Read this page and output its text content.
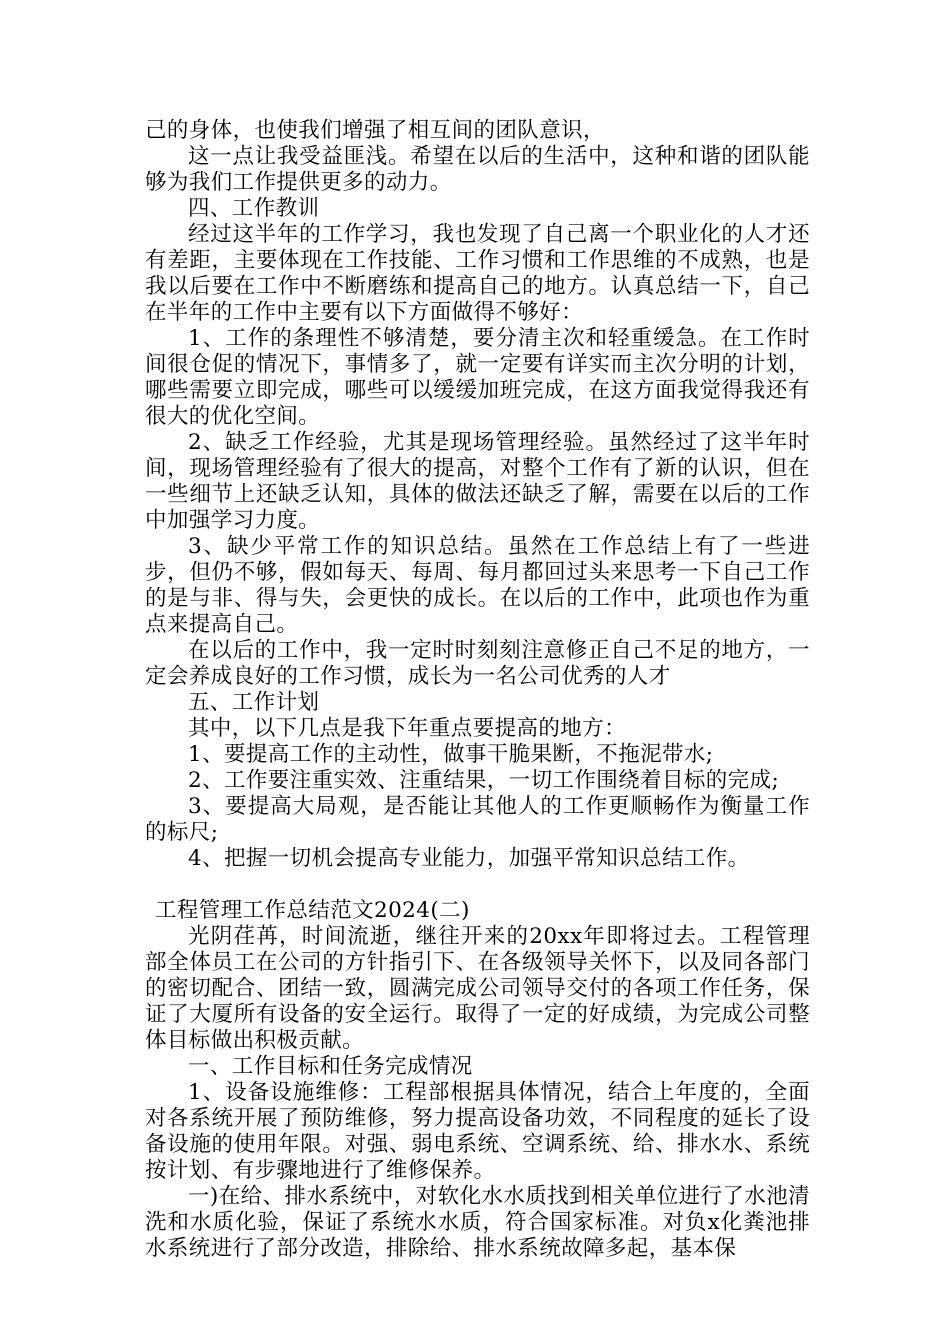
己的身体，也使我们增强了相互间的团队意识，

这一点让我受益匪浅。希望在以后的生活中，这种和谐的团队能够为我们工作提供更多的动力。

四、工作教训

经过这半年的工作学习，我也发现了自己离一个职业化的人才还有差距，主要体现在工作技能、工作习惯和工作思维的不成熟，也是我以后要在工作中不断磨练和提高自己的地方。认真总结一下，自己在半年的工作中主要有以下方面做得不够好：

1、工作的条理性不够清楚，要分清主次和轻重缓急。在工作时间很仓促的情况下，事情多了，就一定要有详实而主次分明的计划，哪些需要立即完成，哪些可以缓缓加班完成，在这方面我觉得我还有很大的优化空间。

2、缺乏工作经验，尤其是现场管理经验。虽然经过了这半年时间，现场管理经验有了很大的提高，对整个工作有了新的认识，但在一些细节上还缺乏认知，具体的做法还缺乏了解，需要在以后的工作中加强学习力度。

3、缺少平常工作的知识总结。虽然在工作总结上有了一些进步，但仍不够，假如每天、每周、每月都回过头来思考一下自己工作的是与非、得与失，会更快的成长。在以后的工作中，此项也作为重点来提高自己。

在以后的工作中，我一定时时刻刻注意修正自己不足的地方，一定会养成良好的工作习惯，成长为一名公司优秀的人才

五、工作计划

其中，以下几点是我下年重点要提高的地方：

1、要提高工作的主动性，做事干脆果断，不拖泥带水;

2、工作要注重实效、注重结果，一切工作围绕着目标的完成;

3、要提高大局观，是否能让其他人的工作更顺畅作为衡量工作的标尺;

4、把握一切机会提高专业能力，加强平常知识总结工作。

工程管理工作总结范文2024(二)

光阴荏苒，时间流逝，继往开来的20xx年即将过去。工程管理部全体员工在公司的方针指引下、在各级领导关怀下，以及同各部门的密切配合、团结一致，圆满完成公司领导交付的各项工作任务，保证了大厦所有设备的安全运行。取得了一定的好成绩，为完成公司整体目标做出积极贡献。

一、工作目标和任务完成情况

1、设备设施维修：工程部根据具体情况，结合上年度的，全面对各系统开展了预防维修，努力提高设备功效，不同程度的延长了设备设施的使用年限。对强、弱电系统、空调系统、给、排水水、系统按计划、有步骤地进行了维修保养。

一)在给、排水系统中，对软化水水质找到相关单位进行了水池清洗和水质化验，保证了系统水水质，符合国家标准。对负x化粪池排水系统进行了部分改造，排除给、排水系统故障多起，基本保
